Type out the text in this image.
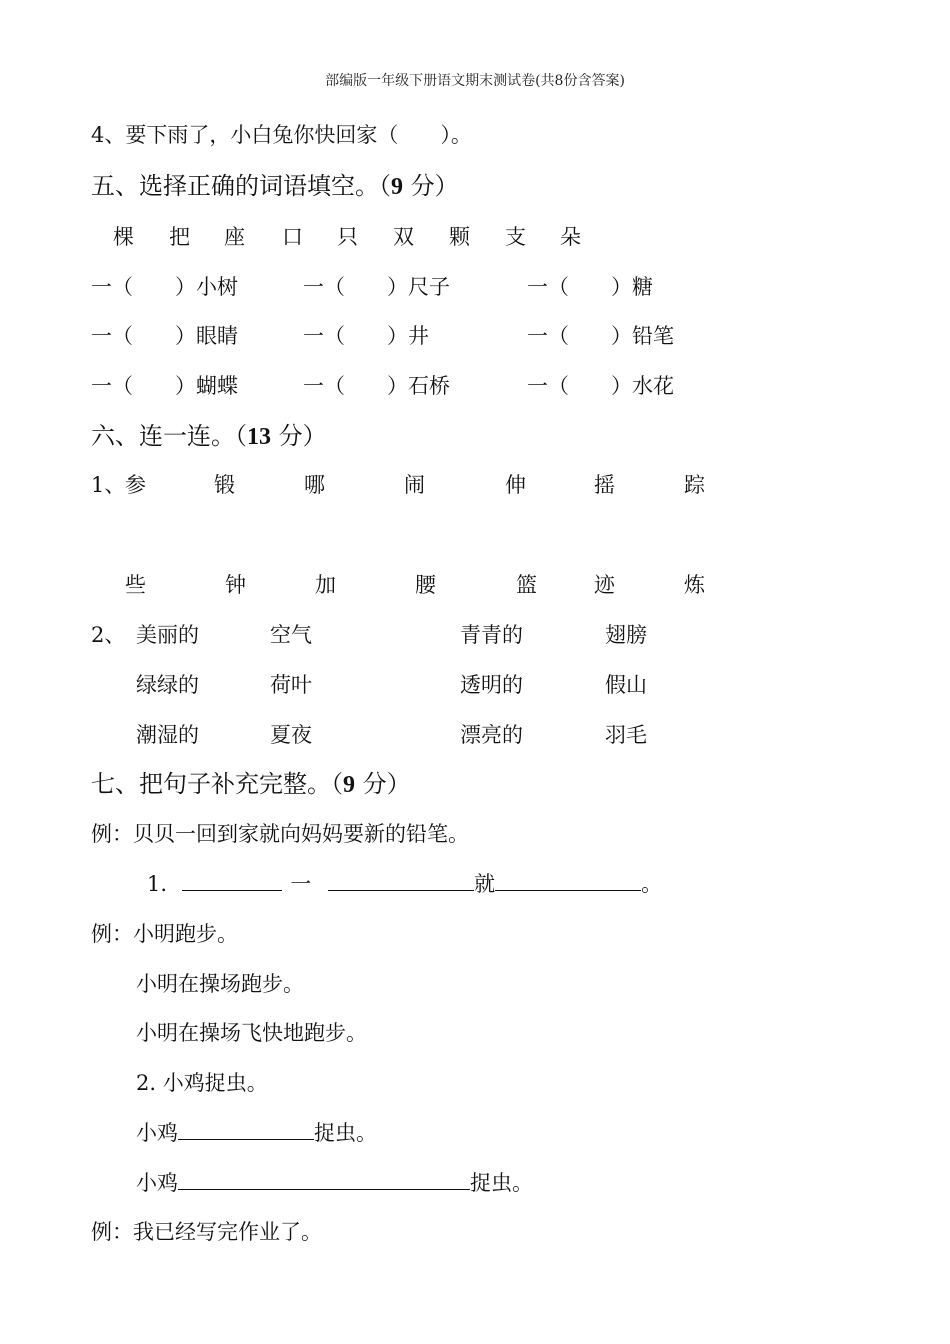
部编版一年级下册语文期末测试卷(共8份含答案)
4、要下雨了，小白兔你快回家（　　）。
五、选择正确的词语填空。（9 分）
棵 把 座 口 只 双 颗 支 朵
一（　　）小树	一（　　）尺子	一（　　）糖
一（　　）眼睛	一（　　）井	一（　　）铅笔
一（　　）蝴蝶	一（　　）石桥	一（　　）水花
六、连一连。（13 分）
1、 参	锻	哪	闹	伸	摇	踪
些	钟	加	腰	篮	迹	炼
2、 美丽的	空气	青青的	翅膀
绿绿的	荷叶	透明的	假山
潮湿的	夏夜	漂亮的	羽毛
七、把句子补充完整。（9 分）
例：贝贝一回到家就向妈妈要新的铅笔。
1.	一	就	。
例：小明跑步。
小明在操场跑步。
小明在操场飞快地跑步。
2. 小鸡捉虫。
小鸡	捉虫。
小鸡	捉虫。
例：我已经写完作业了。
